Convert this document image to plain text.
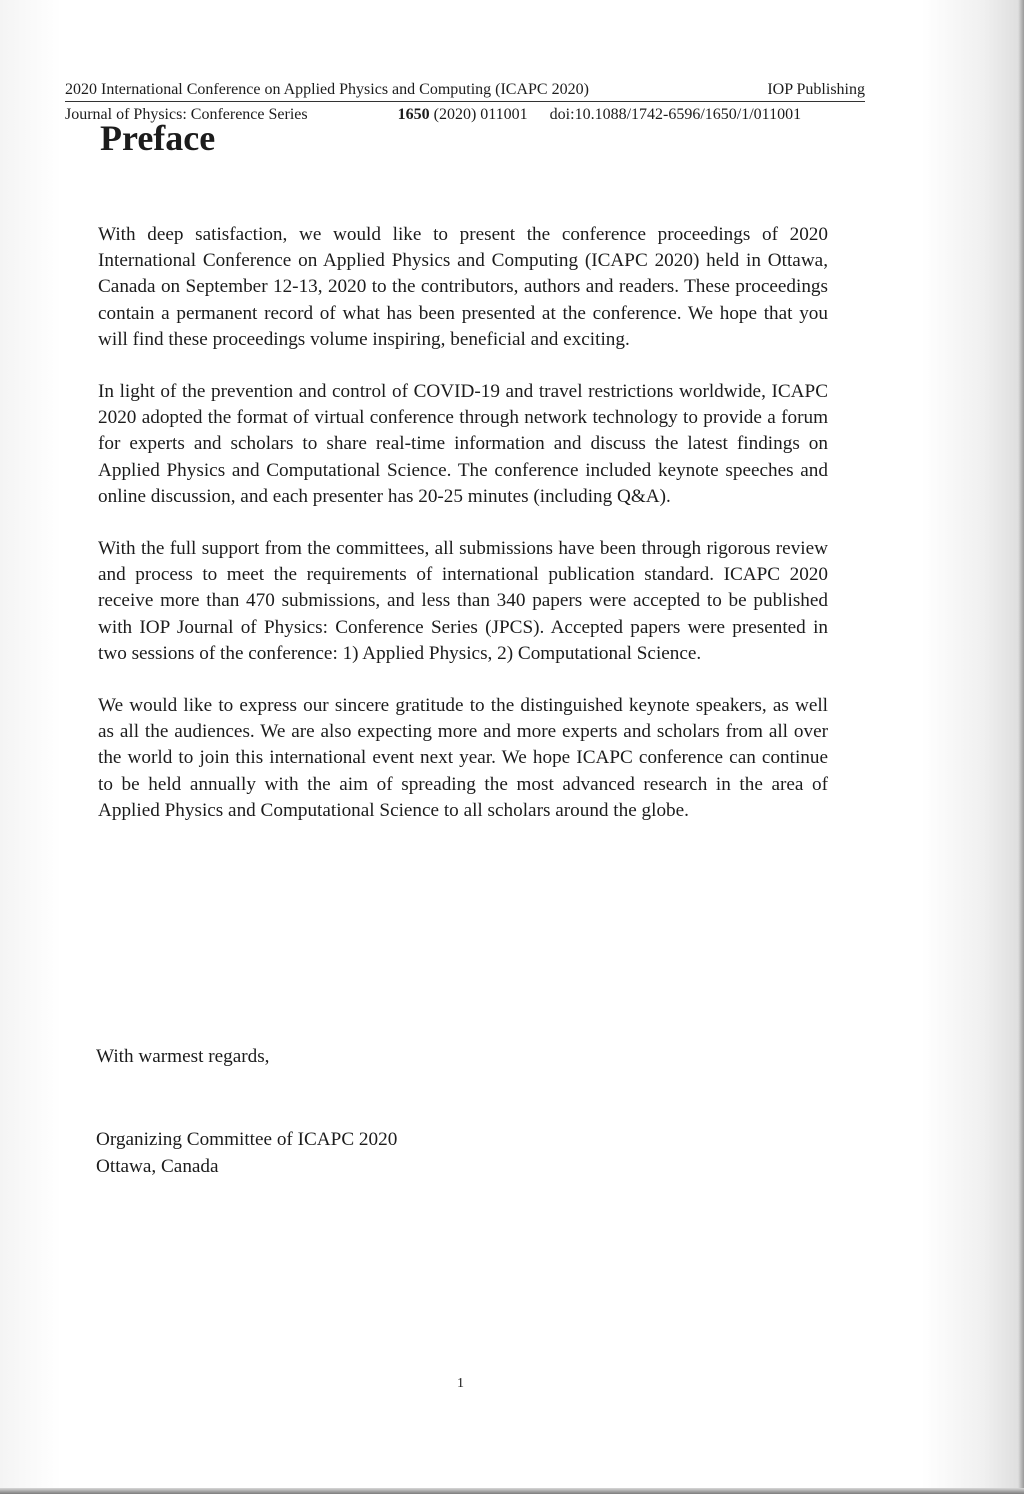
2020 International Conference on Applied Physics and Computing (ICAPC 2020)	IOP Publishing
Journal of Physics: Conference Series	1650 (2020) 011001 doi:10.1088/1742-6596/1650/1/011001
Preface

With deep satisfaction, we would like to present the conference proceedings of 2020 International Conference on Applied Physics and Computing (ICAPC 2020) held in Ottawa, Canada on September 12-13, 2020 to the contributors, authors and readers. These proceedings contain a permanent record of what has been presented at the conference. We hope that you will find these proceedings volume inspiring, beneficial and exciting.

In light of the prevention and control of COVID-19 and travel restrictions worldwide, ICAPC 2020 adopted the format of virtual conference through network technology to provide a forum for experts and scholars to share real-time information and discuss the latest findings on Applied Physics and Computational Science. The conference included keynote speeches and online discussion, and each presenter has 20-25 minutes (including Q&A).

With the full support from the committees, all submissions have been through rigorous review and process to meet the requirements of international publication standard. ICAPC 2020 receive more than 470 submissions, and less than 340 papers were accepted to be published with IOP Journal of Physics: Conference Series (JPCS). Accepted papers were presented in two sessions of the conference: 1) Applied Physics, 2) Computational Science.

We would like to express our sincere gratitude to the distinguished keynote speakers, as well as all the audiences. We are also expecting more and more experts and scholars from all over the world to join this international event next year. We hope ICAPC conference can continue to be held annually with the aim of spreading the most advanced research in the area of Applied Physics and Computational Science to all scholars around the globe.

With warmest regards,
Organizing Committee of ICAPC 2020
Ottawa, Canada
1
